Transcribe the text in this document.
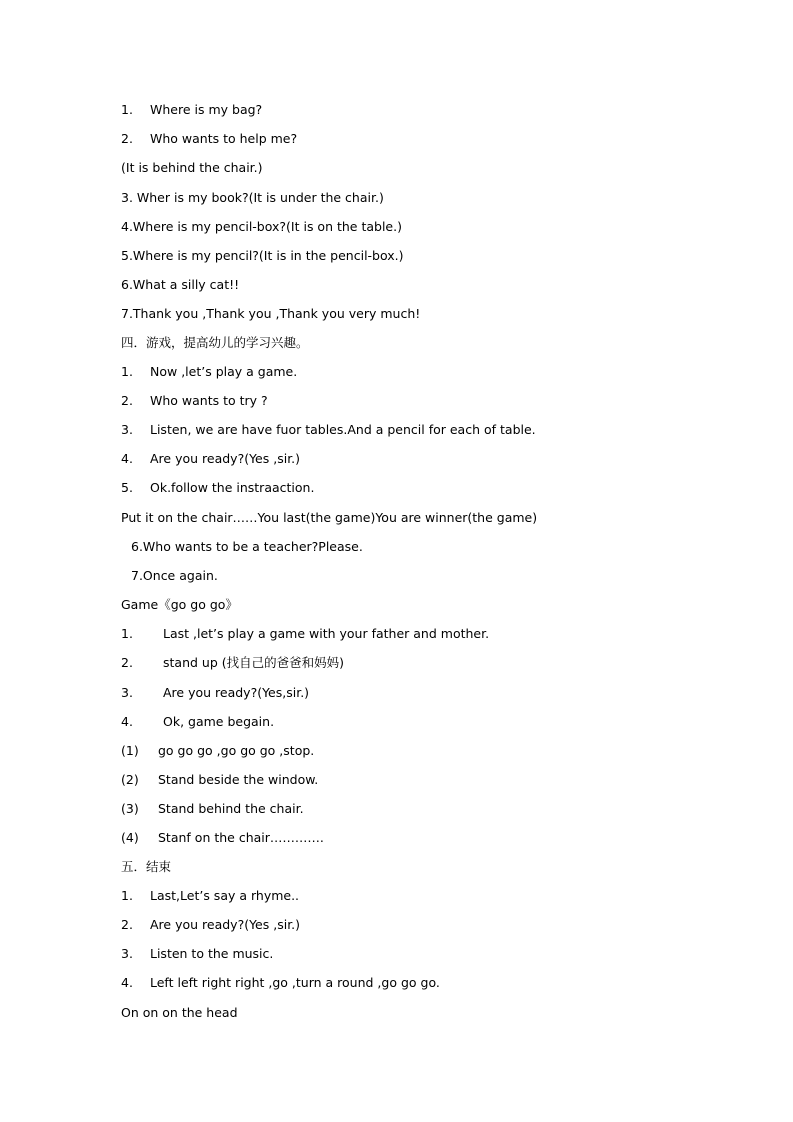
1. Where is my bag?
2. Who wants to help me?
(It is behind the chair.)
3. Wher is my book?(It is under the chair.)
4.Where is my pencil-box?(It is on the table.)
5.Where is my pencil?(It is in the pencil-box.)
6.What a silly cat!!
7.Thank you ,Thank you ,Thank you very much!
四．游戏，提高幼儿的学习兴趣。
1. Now ,let’s play a game.
2. Who wants to try ?
3. Listen, we are have fuor tables.And a pencil for each of table.
4. Are you ready?(Yes ,sir.)
5. Ok.follow the instraaction.
Put it on the chair……You last(the game)You are winner(the game)
6.Who wants to be a teacher?Please.
7.Once again.
Game《go go go》
1. Last ,let’s play a game with your father and mother.
2. stand up (找自己的爸爸和妈妈)
3. Are you ready?(Yes,sir.)
4. Ok, game begain.
(1) go go go ,go go go ,stop.
(2) Stand beside the window.
(3) Stand behind the chair.
(4) Stanf on the chair………….
五．结束
1. Last,Let’s say a rhyme..
2. Are you ready?(Yes ,sir.)
3. Listen to the music.
4. Left left right right ,go ,turn a round ,go go go.
On on on the head
